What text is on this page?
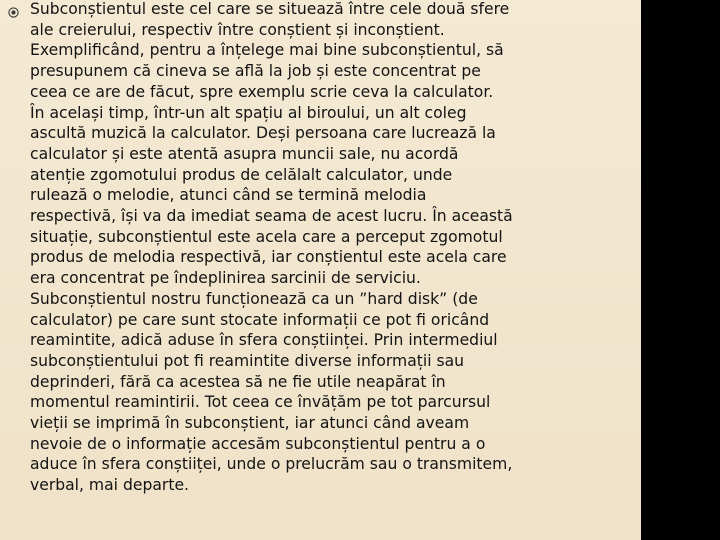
Subconștientul este cel care se situează între cele două sfere
ale creierului, respectiv între conștient și inconștient.
Exemplificând, pentru a înțelege mai bine subconștientul, să
presupunem că cineva se află la job și este concentrat pe
ceea ce are de făcut, spre exemplu scrie ceva la calculator.
În același timp, într-un alt spațiu al biroului, un alt coleg
ascultă muzică la calculator. Deși persoana care lucrează la
calculator și este atentă asupra muncii sale, nu acordă
atenție zgomotului produs de celălalt calculator, unde
rulează o melodie, atunci când se termină melodia
respectivă, își va da imediat seama de acest lucru. În această
situație, subconștientul este acela care a perceput zgomotul
produs de melodia respectivă, iar conștientul este acela care
era concentrat pe îndeplinirea sarcinii de serviciu.
Subconștientul nostru funcționează ca un ”hard disk” (de
calculator) pe care sunt stocate informații ce pot fi oricând
reamintite, adică aduse în sfera conștiinței. Prin intermediul
subconștientului pot fi reamintite diverse informații sau
deprinderi, fără ca acestea să ne fie utile neapărat în
momentul reamintirii. Tot ceea ce învățăm pe tot parcursul
vieții se imprimă în subconștient, iar atunci când aveam
nevoie de o informație accesăm subconștientul pentru a o
aduce în sfera conștiiței, unde o prelucrăm sau o transmitem,
verbal, mai departe.
